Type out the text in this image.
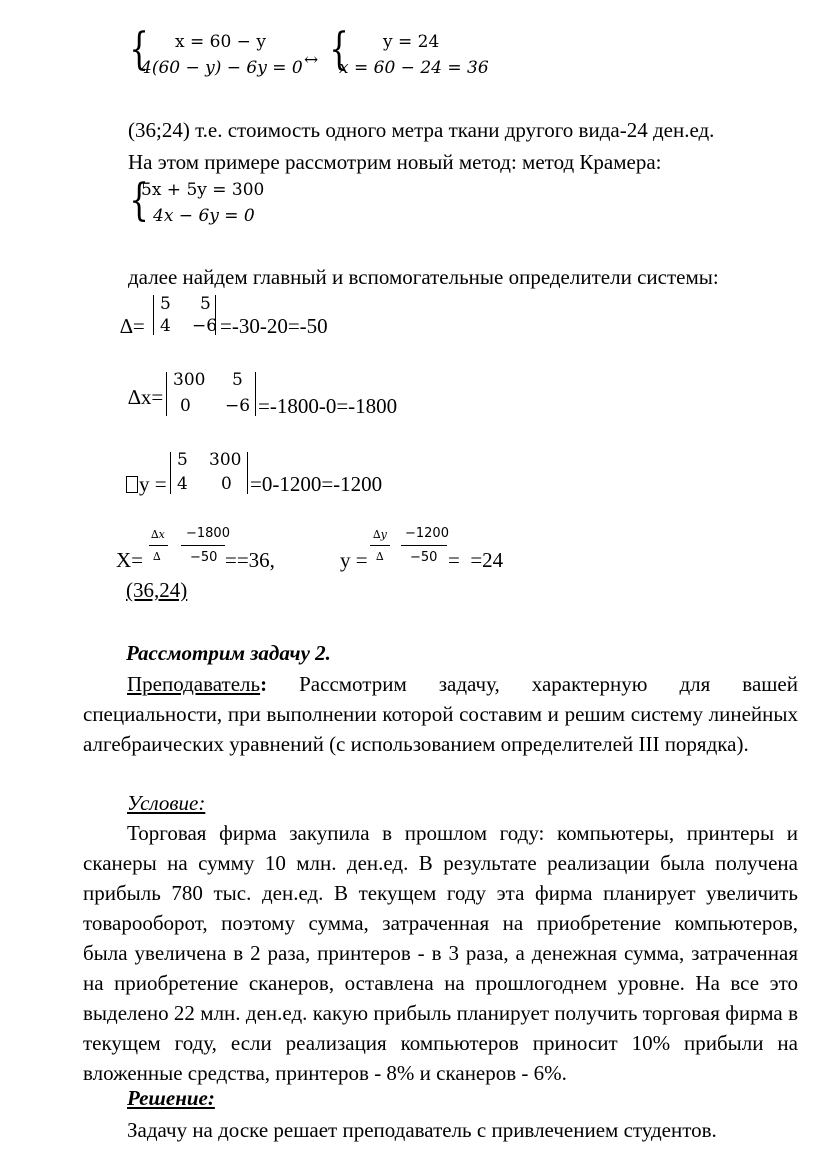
{ x = 60 − y
4(60 − y) − 6y = 0 ↔ { y = 24
x = 60 − 24 = 36
(36;24) т.е. стоимость одного метра ткани другого вида-24 ден.ед.
На этом примере рассмотрим новый метод: метод Крамера:
{
5x + 5y = 300
4x − 6y = 0
далее найдем главный и вспомогательные определители системы:
∆=
5 5
4 −6 =-30-20=-50
∆x=
300 5
0 −6 =-1800-0=-1800
y =
5 300
4 0 =0-1200=-1200
X=
∆x
∆
−1800
−50 ==36,	y =
∆y
∆
−1200
−50 =  =24
(36,24)
Рассмотрим задачу 2.

Преподаватель: Рассмотрим задачу, характерную для вашей специальности, при выполнении которой составим и решим систему линейных алгебраических уравнений (с использованием определителей III порядка).

Условие:

Торговая фирма закупила в прошлом году: компьютеры, принтеры и сканеры на сумму 10 млн. ден.ед. В результате реализации была получена прибыль 780 тыс. ден.ед. В текущем году эта фирма планирует увеличить товарооборот, поэтому сумма, затраченная на приобретение компьютеров, была увеличена в 2 раза, принтеров - в 3 раза, а денежная сумма, затраченная на приобретение сканеров, оставлена на прошлогоднем уровне. На все это выделено 22 млн. ден.ед. какую прибыль планирует получить торговая фирма в текущем году, если реализация компьютеров приносит 10% прибыли на вложенные средства, принтеров - 8% и сканеров - 6%.

Решение:

Задачу на доске решает преподаватель с привлечением студентов.
